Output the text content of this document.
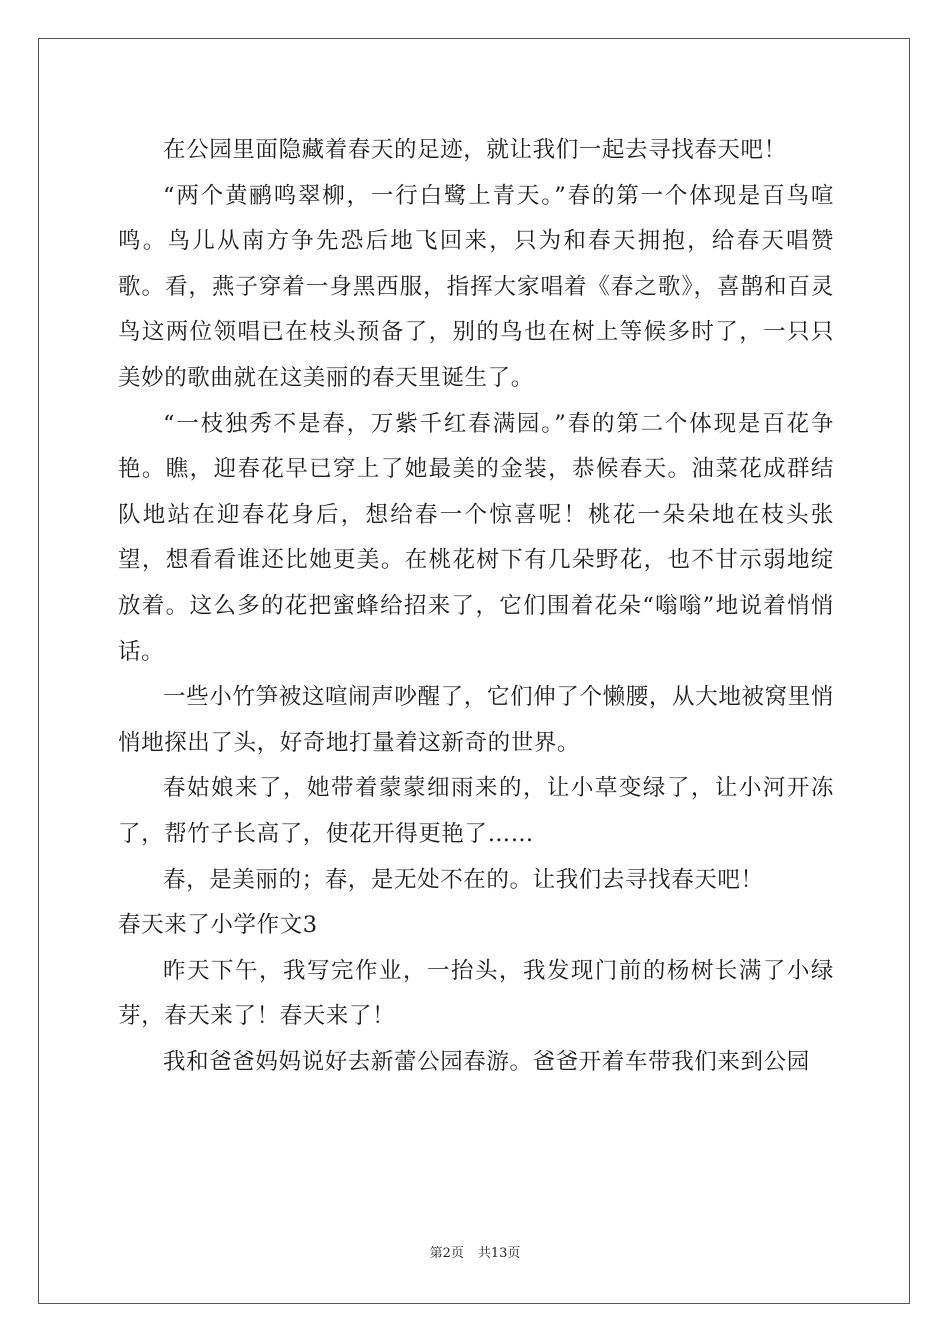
在公园里面隐藏着春天的足迹，就让我们一起去寻找春天吧！

“两个黄鹂鸣翠柳，一行白鹭上青天。”春的第一个体现是百鸟喧鸣。鸟儿从南方争先恐后地飞回来，只为和春天拥抱，给春天唱赞歌。看，燕子穿着一身黑西服，指挥大家唱着《春之歌》，喜鹊和百灵鸟这两位领唱已在枝头预备了，别的鸟也在树上等候多时了，一只只美妙的歌曲就在这美丽的春天里诞生了。

“一枝独秀不是春，万紫千红春满园。”春的第二个体现是百花争艳。瞧，迎春花早已穿上了她最美的金装，恭候春天。油菜花成群结队地站在迎春花身后，想给春一个惊喜呢！桃花一朵朵地在枝头张望，想看看谁还比她更美。在桃花树下有几朵野花，也不甘示弱地绽放着。这么多的花把蜜蜂给招来了，它们围着花朵“嗡嗡”地说着悄悄话。

一些小竹笋被这喧闹声吵醒了，它们伸了个懒腰，从大地被窝里悄悄地探出了头，好奇地打量着这新奇的世界。

春姑娘来了，她带着蒙蒙细雨来的，让小草变绿了，让小河开冻了，帮竹子长高了，使花开得更艳了……

春，是美丽的；春，是无处不在的。让我们去寻找春天吧！

春天来了小学作文3

昨天下午，我写完作业，一抬头，我发现门前的杨树长满了小绿芽，春天来了！春天来了！

我和爸爸妈妈说好去新蕾公园春游。爸爸开着车带我们来到公园

第2页 共13页
